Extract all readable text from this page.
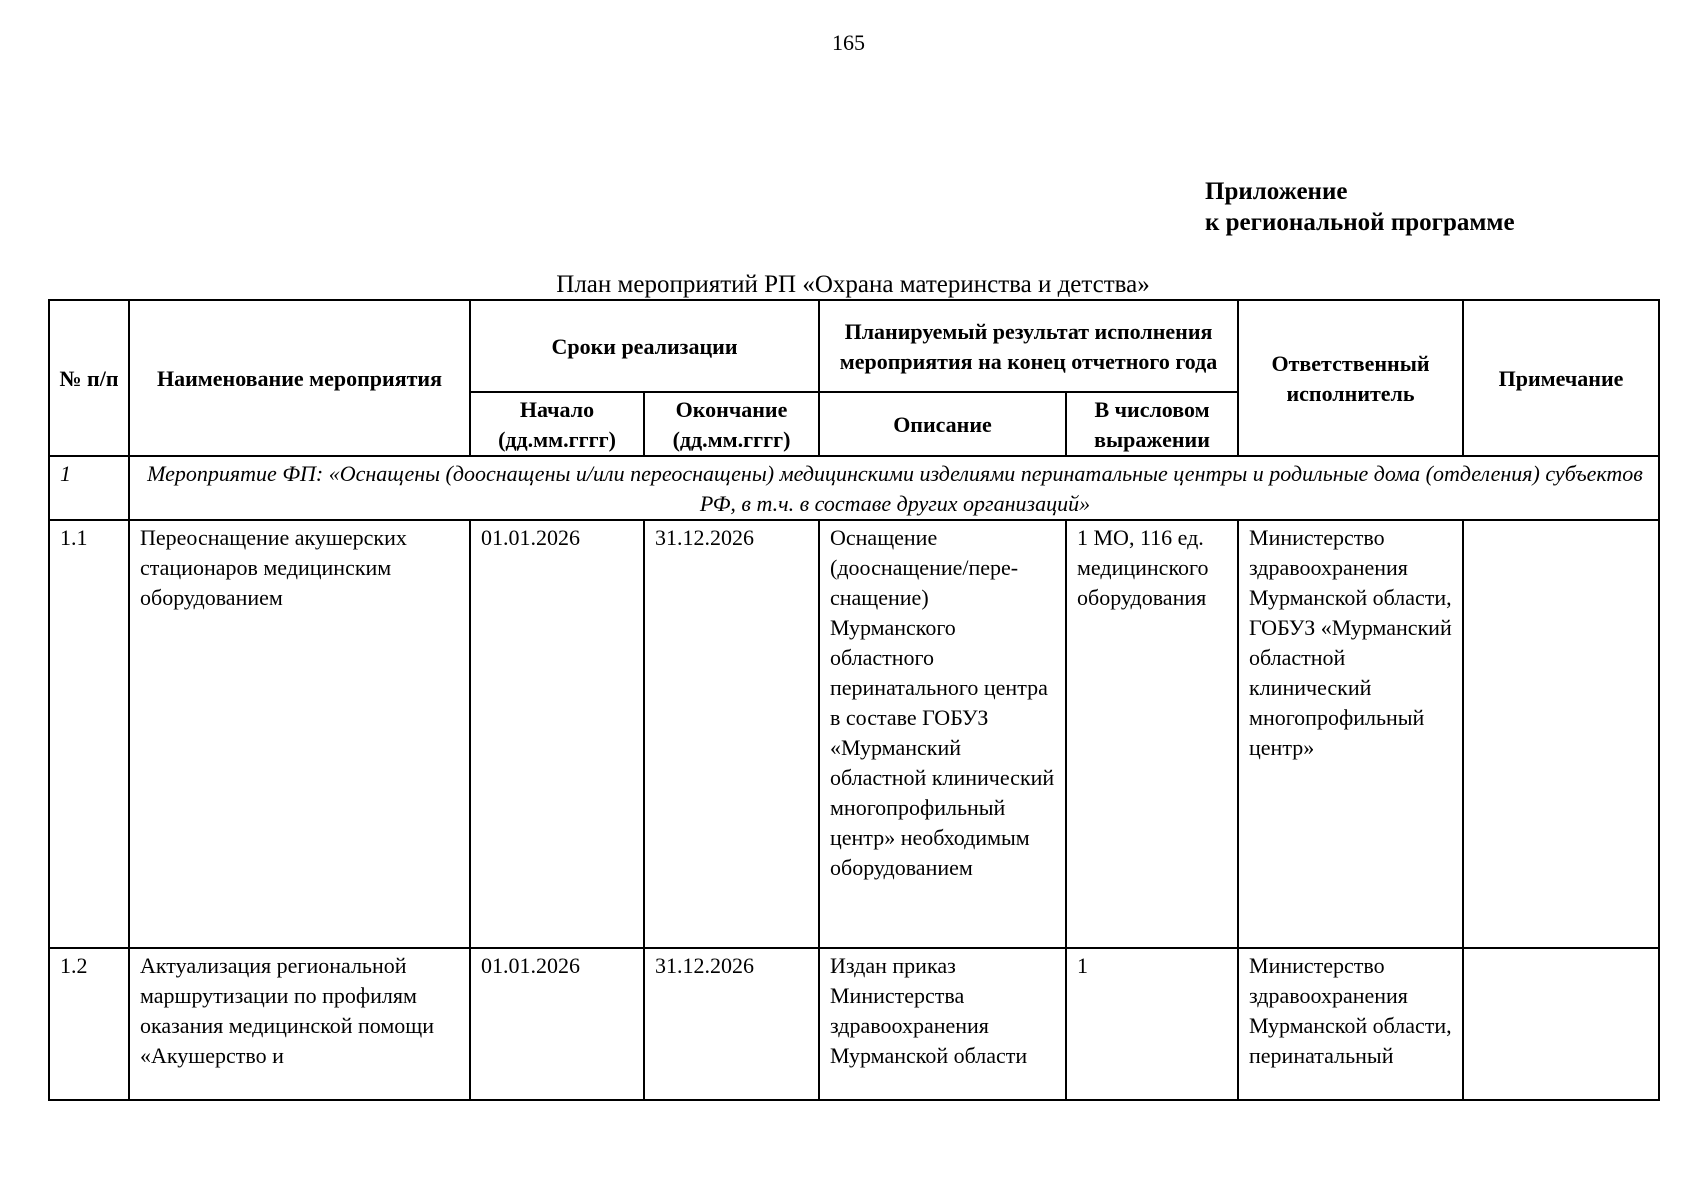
165
Приложение
к региональной программе
План мероприятий РП «Охрана материнства и детства»
№ п/п	Наименование мероприятия	Сроки реализации		Планируемый результат исполнения мероприятия на конец отчетного года		Ответственный исполнитель	Примечание
		Начало (дд.мм.гггг)	Окончание (дд.мм.гггг)	Описание	В числовом выражении		
1	Мероприятие ФП: «Оснащены (дооснащены и/или переоснащены) медицинскими изделиями перинатальные центры и родильные дома (отделения) субъектов РФ, в т.ч. в составе других организаций»						
1.1	Переоснащение акушерских стационаров медицинским оборудованием	01.01.2026	31.12.2026	Оснащение (дооснащение/пере-снащение) Мурманского областного перинатального центра в составе ГОБУЗ «Мурманский областной клинический многопрофильный центр» необходимым оборудованием	1 МО, 116 ед. медицинского оборудования	Министерство здравоохранения Мурманской области, ГОБУЗ «Мурманский областной клинический многопрофильный центр»	
1.2	Актуализация региональной маршрутизации по профилям оказания медицинской помощи «Акушерство и	01.01.2026	31.12.2026	Издан приказ Министерства здравоохранения Мурманской области	1	Министерство здравоохранения Мурманской области, перинатальный	
